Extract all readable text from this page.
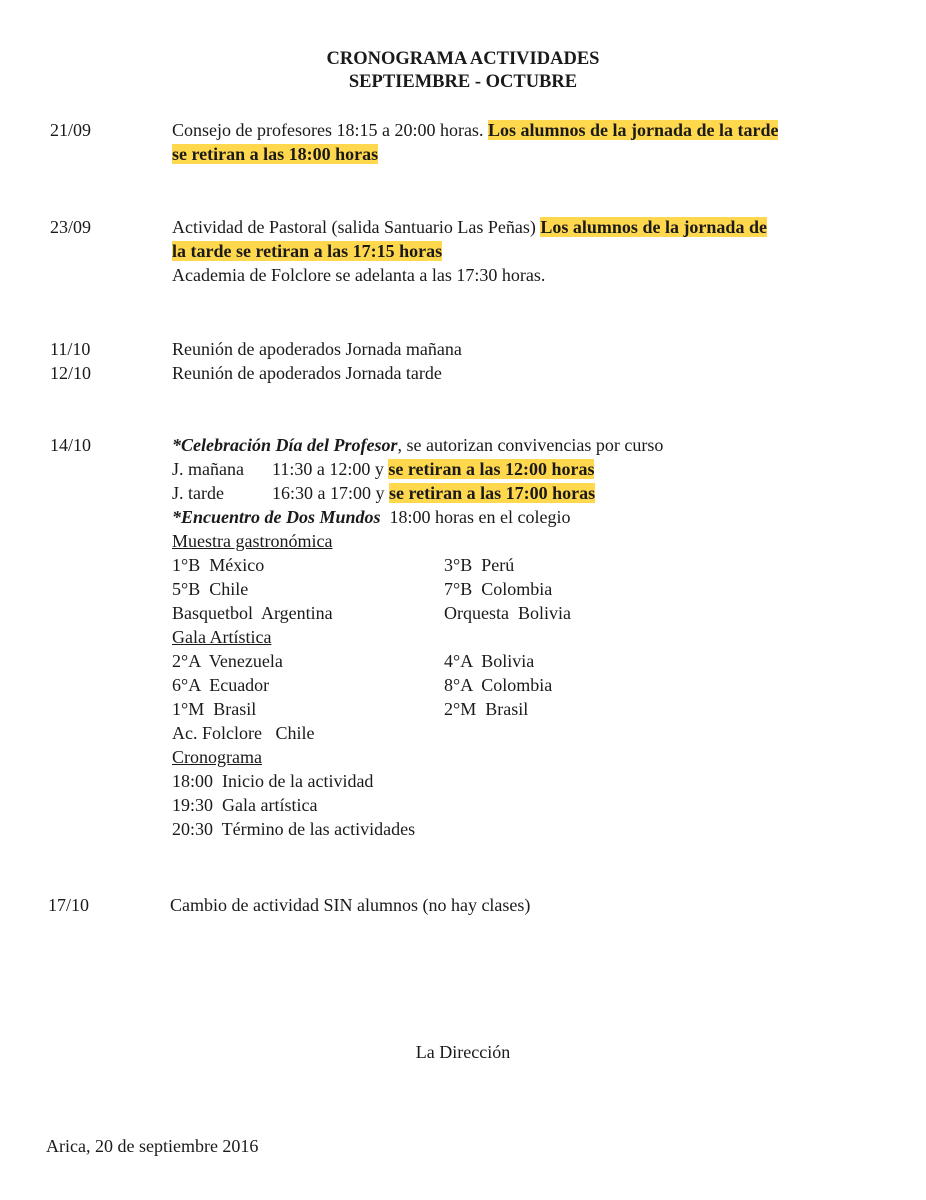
CRONOGRAMA ACTIVIDADES
SEPTIEMBRE - OCTUBRE
21/09	Consejo de profesores 18:15 a 20:00 horas. Los alumnos de la jornada de la tarde
se retiran a las 18:00 horas
23/09	Actividad de Pastoral (salida Santuario Las Peñas) Los alumnos de la jornada de
la tarde se retiran a las 17:15 horas
Academia de Folclore se adelanta a las 17:30 horas.
11/10	Reunión de apoderados Jornada mañana
12/10	Reunión de apoderados Jornada tarde
14/10	*Celebración Día del Profesor, se autorizan convivencias por curso
J. mañana 11:30 a 12:00 y se retiran a las 12:00 horas
J. tarde	16:30 a 17:00 y se retiran a las 17:00 horas
*Encuentro de Dos Mundos  18:00 horas en el colegio
Muestra gastronómica
1°B  México	3°B  Perú
5°B  Chile	7°B  Colombia
Basquetbol  Argentina	Orquesta  Bolivia
Gala Artística
2°A  Venezuela	4°A  Bolivia
6°A  Ecuador	8°A  Colombia
1°M  Brasil	2°M  Brasil
Ac. Folclore   Chile
Cronograma
18:00  Inicio de la actividad
19:30  Gala artística
20:30  Término de las actividades
17/10	Cambio de actividad SIN alumnos (no hay clases)
La Dirección
Arica, 20 de septiembre 2016
